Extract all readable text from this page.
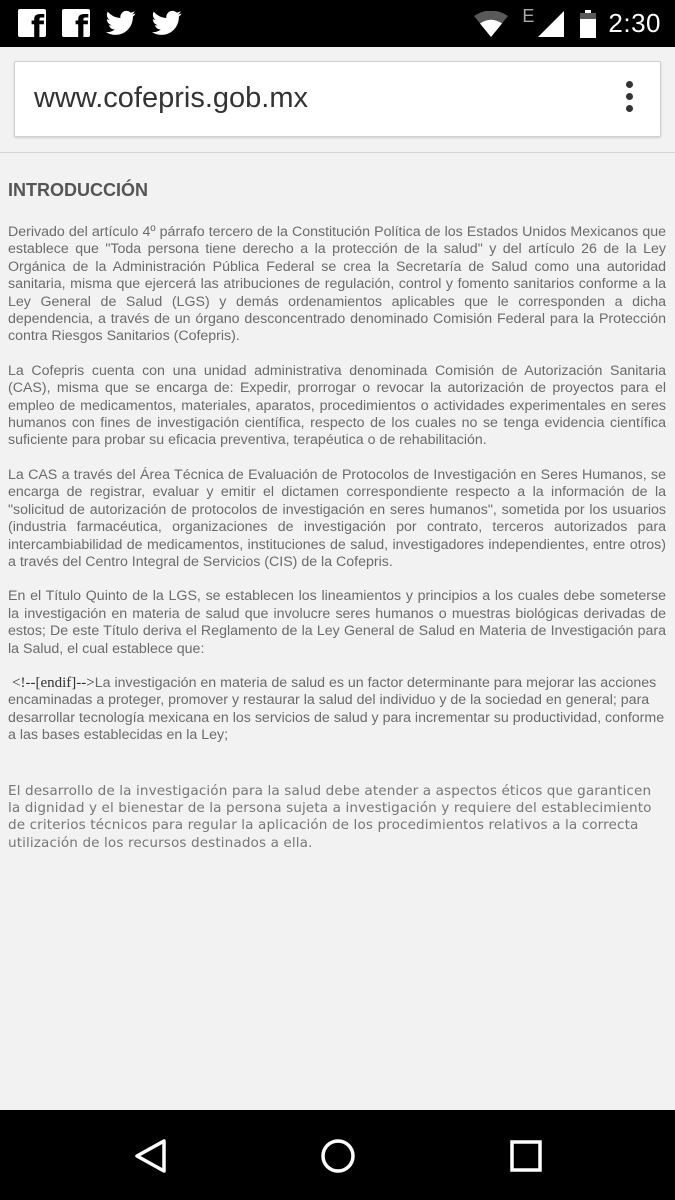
f f	E	2:30
www.cofepris.gob.mx
INTRODUCCIÓN

Derivado del artículo 4º párrafo tercero de la Constitución Política de los Estados Unidos Mexicanos que establece que "Toda persona tiene derecho a la protección de la salud" y del artículo 26 de la Ley Orgánica de la Administración Pública Federal se crea la Secretaría de Salud como una autoridad sanitaria, misma que ejercerá las atribuciones de regulación, control y fomento sanitarios conforme a la Ley General de Salud (LGS) y demás ordenamientos aplicables que le corresponden a dicha dependencia, a través de un órgano desconcentrado denominado Comisión Federal para la Protección contra Riesgos Sanitarios (Cofepris).

La Cofepris cuenta con una unidad administrativa denominada Comisión de Autorización Sanitaria (CAS), misma que se encarga de: Expedir, prorrogar o revocar la autorización de proyectos para el empleo de medicamentos, materiales, aparatos, procedimientos o actividades experimentales en seres humanos con fines de investigación científica, respecto de los cuales no se tenga evidencia científica suficiente para probar su eficacia preventiva, terapéutica o de rehabilitación.

La CAS a través del Área Técnica de Evaluación de Protocolos de Investigación en Seres Humanos, se encarga de registrar, evaluar y emitir el dictamen correspondiente respecto a la información de la "solicitud de autorización de protocolos de investigación en seres humanos", sometida por los usuarios (industria farmacéutica, organizaciones de investigación por contrato, terceros autorizados para intercambiabilidad de medicamentos, instituciones de salud, investigadores independientes, entre otros) a través del Centro Integral de Servicios (CIS) de la Cofepris.

En el Título Quinto de la LGS, se establecen los lineamientos y principios a los cuales debe someterse la investigación en materia de salud que involucre seres humanos o muestras biológicas derivadas de estos; De este Título deriva el Reglamento de la Ley General de Salud en Materia de Investigación para la Salud, el cual establece que:

<!--[endif]-->La investigación en materia de salud es un factor determinante para mejorar las acciones encaminadas a proteger, promover y restaurar la salud del individuo y de la sociedad en general; para desarrollar tecnología mexicana en los servicios de salud y para incrementar su productividad, conforme a las bases establecidas en la Ley;

El desarrollo de la investigación para la salud debe atender a aspectos éticos que garanticen la dignidad y el bienestar de la persona sujeta a investigación y requiere del establecimiento de criterios técnicos para regular la aplicación de los procedimientos relativos a la correcta utilización de los recursos destinados a ella.
